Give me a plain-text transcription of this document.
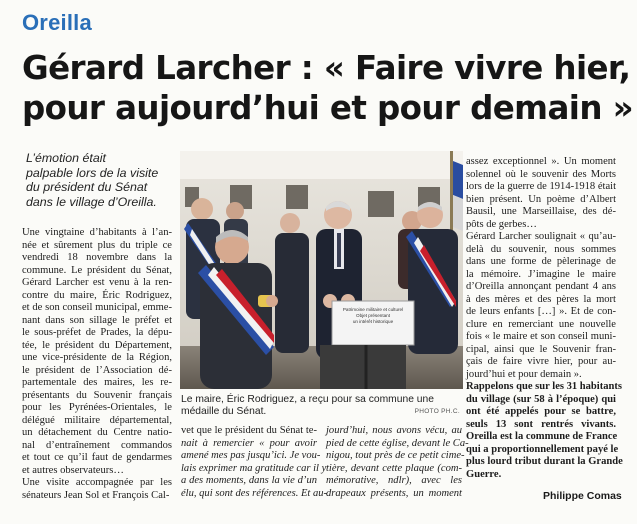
Oreilla
Gérard Larcher : « Faire vivre hier,
pour aujourd’hui et pour demain »
L’émotion était
palpable lors de la visite
du président du Sénat
dans le village d’Oreilla.
Une vingtaine d’habitants à l’an-
née et sûrement plus du triple ce
vendredi 18 novembre dans la
commune. Le président du Sénat,
Gérard Larcher est venu à la ren-
contre du maire, Éric Rodriguez,
et de son conseil municipal, emme-
nant dans son sillage le préfet et
le sous-préfet de Prades, la dépu-
tée, le président du Département,
une vice-présidente de la Région,
le président de l’Association dé-
partementale des maires, les re-
présentants du Souvenir français
pour les Pyrénées-Orientales, le
délégué militaire départemental,
un détachement du Centre natio-
nal d’entraînement commandos
et tout ce qu’il faut de gendarmes
et autres observateurs…
Une visite accompagnée par les
sénateurs Jean Sol et François Cal-
Patrimoine militaire et culturel
Objet présentant
un intérêt historique
Le maire, Éric Rodriguez, a reçu pour sa commune une médaille du Sénat.	PHOTO PH.C.
vet que le président du Sénat te-
nait à remercier « pour avoir
amené mes pas jusqu’ici. Je vou-
lais exprimer ma gratitude car il y
a des moments, dans la vie d’un
élu, qui sont des références. Et au-
jourd’hui, nous avons vécu, au
pied de cette église, devant le Ca-
nigou, tout près de ce petit cime-
tière, devant cette plaque (com-
mémorative, ndlr), avec les
drapeaux présents, un moment
assez exceptionnel ». Un moment
solennel où le souvenir des Morts
lors de la guerre de 1914-1918 était
bien présent. Un poème d’Albert
Bausil, une Marseillaise, des dé-
pôts de gerbes…
Gérard Larcher soulignait « qu’au-
delà du souvenir, nous sommes
dans une forme de pèlerinage de
la mémoire. J’imagine le maire
d’Oreilla annonçant pendant 4 ans
à des mères et des pères la mort
de leurs enfants […] ». Et de con-
clure en remerciant une nouvelle
fois « le maire et son conseil muni-
cipal, ainsi que le Souvenir fran-
çais de faire vivre hier, pour au-
jourd’hui et pour demain ».
Rappelons que sur les 31 habitants
du village (sur 58 à l’époque) qui
ont été appelés pour se battre,
seuls 13 sont rentrés vivants.
Oreilla est la commune de France
qui a proportionnellement payé le
plus lourd tribut durant la Grande
Guerre.
Philippe Comas
